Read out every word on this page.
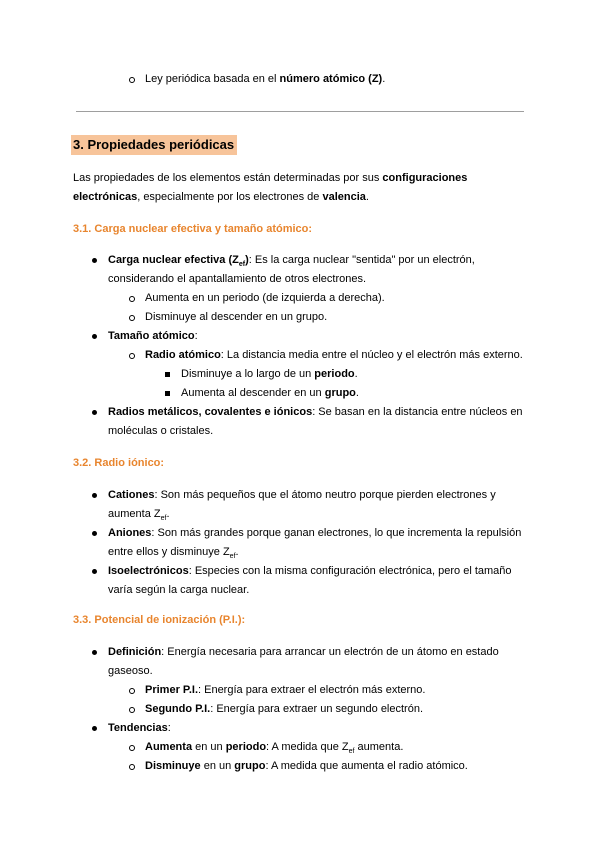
Ley periódica basada en el número atómico (Z).
3. Propiedades periódicas
Las propiedades de los elementos están determinadas por sus configuraciones
electrónicas, especialmente por los electrones de valencia.
3.1. Carga nuclear efectiva y tamaño atómico:
Carga nuclear efectiva $(Z_{ef})$: Es la carga nuclear "sentida" por un electrón,
considerando el apantallamiento de otros electrones.
Aumenta en un periodo (de izquierda a derecha).
Disminuye al descender en un grupo.
Tamaño atómico:
Radio atómico: La distancia media entre el núcleo y el electrón más externo.
Disminuye a lo largo de un periodo.
Aumenta al descender en un grupo.
Radios metálicos, covalentes e iónicos: Se basan en la distancia entre núcleos en
moléculas o cristales.
3.2. Radio iónico:
Cationes: Son más pequeños que el átomo neutro porque pierden electrones y
aumenta $Z_{ef}$.
Aniones: Son más grandes porque ganan electrones, lo que incrementa la repulsión
entre ellos y disminuye $Z_{ef}$.
Isoelectrónicos: Especies con la misma configuración electrónica, pero el tamaño
varía según la carga nuclear.
3.3. Potencial de ionización (P.I.):
Definición: Energía necesaria para arrancar un electrón de un átomo en estado
gaseoso.
Primer P.I.: Energía para extraer el electrón más externo.
Segundo P.I.: Energía para extraer un segundo electrón.
Tendencias:
Aumenta en un periodo: A medida que $Z_{ef}$ aumenta.
Disminuye en un grupo: A medida que aumenta el radio atómico.
